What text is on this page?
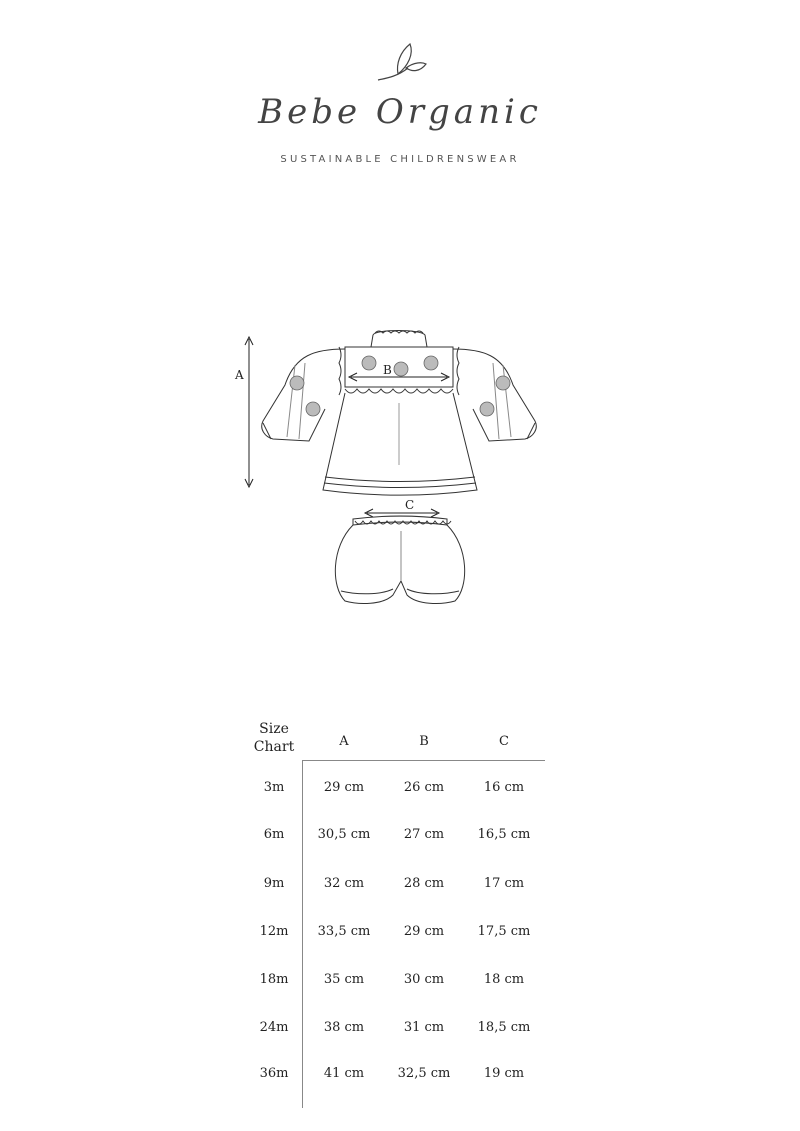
Bebe Organic
SUSTAINABLE CHILDRENSWEAR
A	B
C
Size
Chart	A	B	C
3m	29 cm	26 cm	16 cm
6m	30,5 cm	27 cm	16,5 cm
9m	32 cm	28 cm	17 cm
12m	33,5 cm	29 cm	17,5 cm
18m	35 cm	30 cm	18 cm
24m	38 cm	31 cm	18,5 cm
36m	41 cm	32,5 cm	19 cm
